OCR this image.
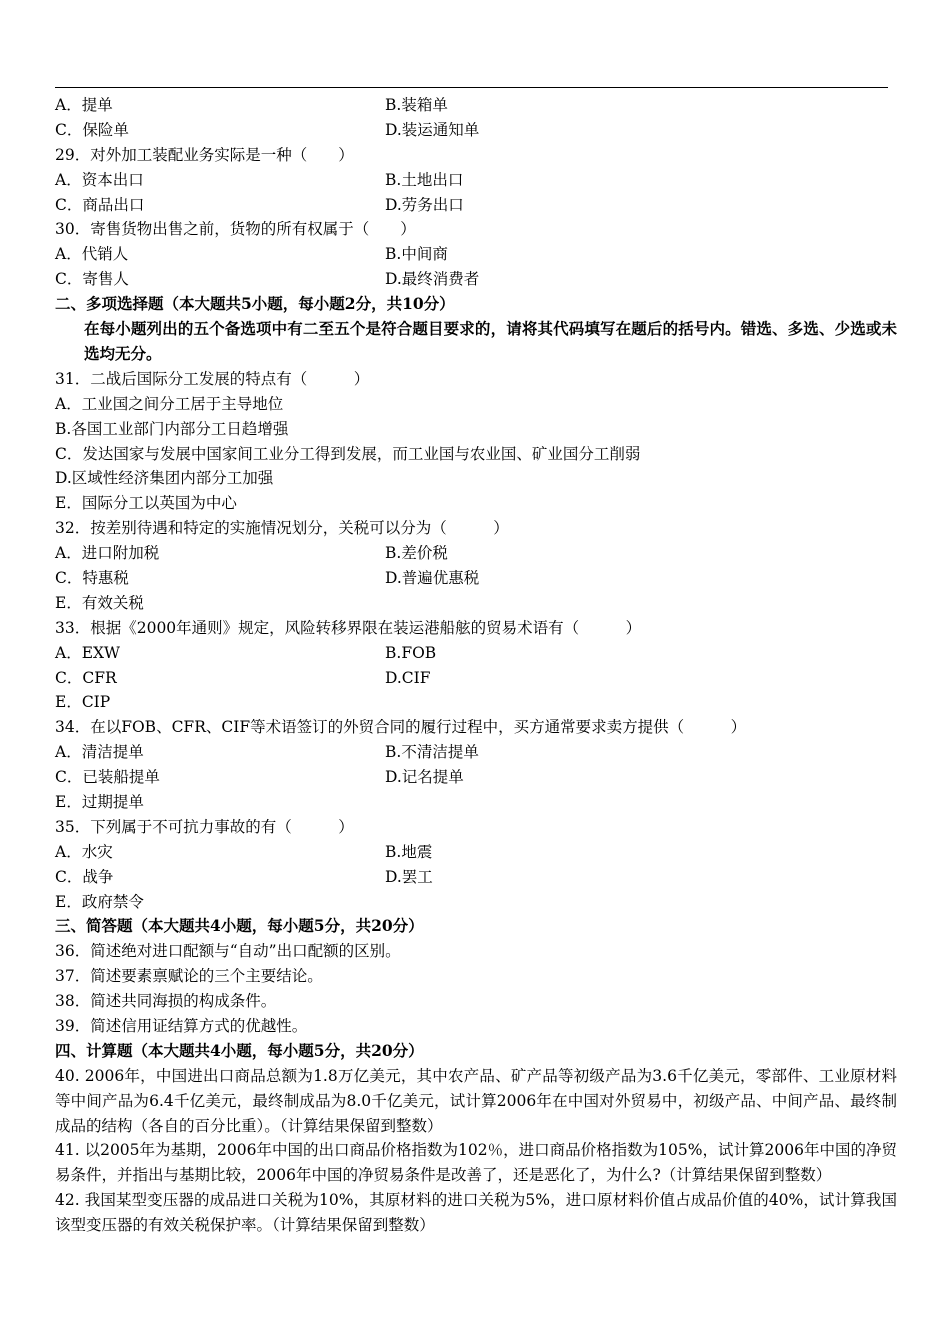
A．提单	B.装箱单
C．保险单	D.装运通知单
29．对外加工装配业务实际是一种（　　）
A．资本出口	B.土地出口
C．商品出口	D.劳务出口
30．寄售货物出售之前，货物的所有权属于（　　）
A．代销人	B.中间商
C．寄售人	D.最终消费者
二、多项选择题（本大题共5小题，每小题2分，共10分）
在每小题列出的五个备选项中有二至五个是符合题目要求的，请将其代码填写在题后的括号内。错选、多选、少选或未选均无分。
31．二战后国际分工发展的特点有（　　　）
A．工业国之间分工居于主导地位
B.各国工业部门内部分工日趋增强
C．发达国家与发展中国家间工业分工得到发展，而工业国与农业国、矿业国分工削弱
D.区域性经济集团内部分工加强
E．国际分工以英国为中心
32．按差别待遇和特定的实施情况划分，关税可以分为（　　　）
A．进口附加税	B.差价税
C．特惠税	D.普遍优惠税
E．有效关税
33．根据《2000年通则》规定，风险转移界限在装运港船舷的贸易术语有（　　　）
A．EXW	B.FOB
C．CFR	D.CIF
E．CIP
34．在以FOB、CFR、CIF等术语签订的外贸合同的履行过程中，买方通常要求卖方提供（　　　）
A．清洁提单	B.不清洁提单
C．已装船提单	D.记名提单
E．过期提单
35．下列属于不可抗力事故的有（　　　）
A．水灾	B.地震
C．战争	D.罢工
E．政府禁令
三、简答题（本大题共4小题，每小题5分，共20分）
36．简述绝对进口配额与“自动”出口配额的区别。
37．简述要素禀赋论的三个主要结论。
38．简述共同海损的构成条件。
39．简述信用证结算方式的优越性。
四、计算题（本大题共4小题，每小题5分，共20分）
40. 2006年，中国进出口商品总额为1.8万亿美元，其中农产品、矿产品等初级产品为3.6千亿美元，零部件、工业原材料等中间产品为6.4千亿美元，最终制成品为8.0千亿美元，试计算2006年在中国对外贸易中，初级产品、中间产品、最终制成品的结构（各自的百分比重）。（计算结果保留到整数）
41. 以2005年为基期，2006年中国的出口商品价格指数为102％，进口商品价格指数为105%，试计算2006年中国的净贸易条件，并指出与基期比较，2006年中国的净贸易条件是改善了，还是恶化了，为什么?（计算结果保留到整数）
42. 我国某型变压器的成品进口关税为10%，其原材料的进口关税为5%，进口原材料价值占成品价值的40%，试计算我国该型变压器的有效关税保护率。（计算结果保留到整数）
